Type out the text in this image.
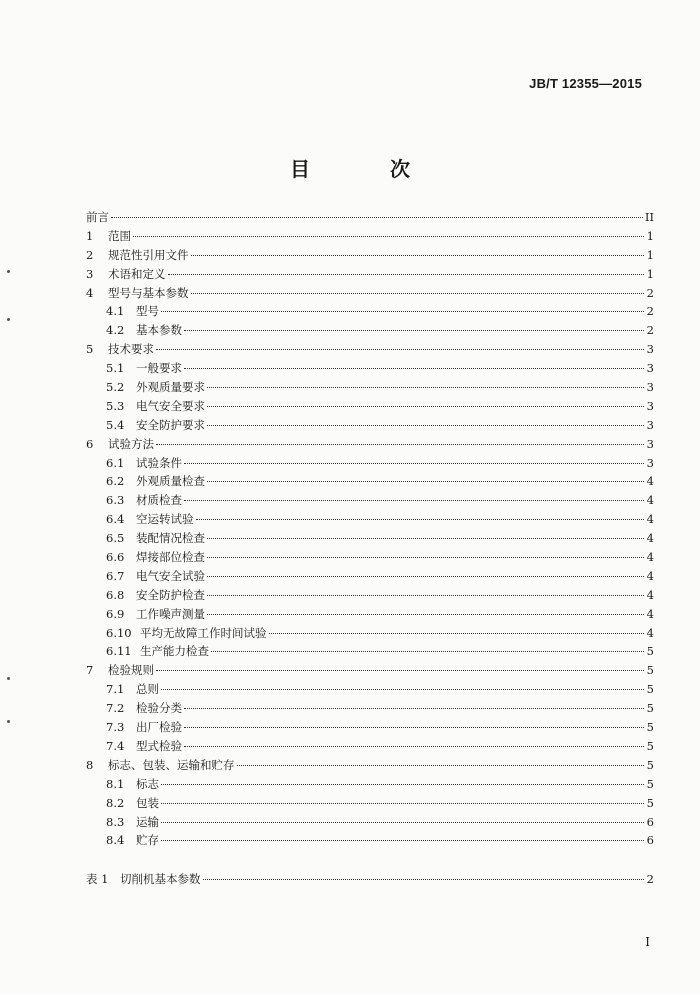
JB/T 12355—2015
目　次
前言	II
1	范围	1
2	规范性引用文件	1
3	术语和定义	1
4	型号与基本参数	2
4.1	型号	2
4.2	基本参数	2
5	技术要求	3
5.1	一般要求	3
5.2	外观质量要求	3
5.3	电气安全要求	3
5.4	安全防护要求	3
6	试验方法	3
6.1	试验条件	3
6.2	外观质量检查	4
6.3	材质检查	4
6.4	空运转试验	4
6.5	装配情况检查	4
6.6	焊接部位检查	4
6.7	电气安全试验	4
6.8	安全防护检查	4
6.9	工作噪声测量	4
6.10 平均无故障工作时间试验	4
6.11 生产能力检查	5
7	检验规则	5
7.1	总则	5
7.2	检验分类	5
7.3	出厂检验	5
7.4	型式检验	5
8	标志、包装、运输和贮存	5
8.1	标志	5
8.2	包装	5
8.3	运输	6
8.4	贮存	6
表 1	切削机基本参数	2
I
